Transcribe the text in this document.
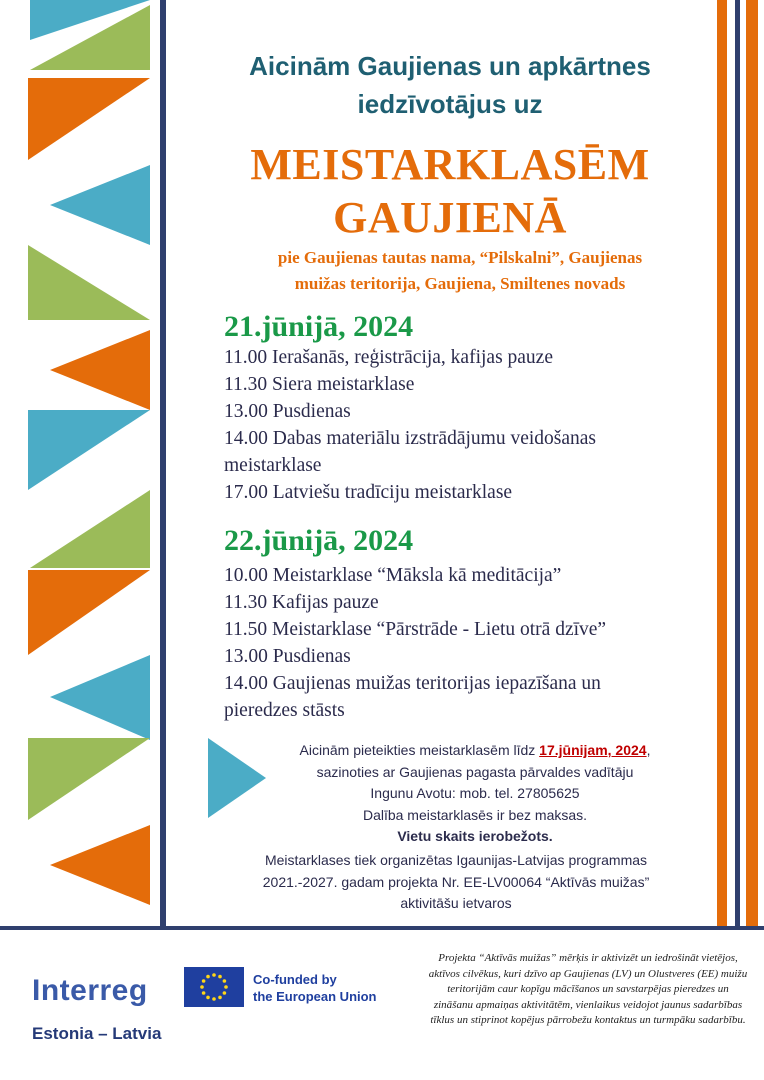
Aicinām Gaujienas un apkārtnes
iedzīvotājus uz
MEISTARKLASĒM
GAUJIENĀ
pie Gaujienas tautas nama, “Pilskalni”, Gaujienas
muižas teritorija, Gaujiena, Smiltenes novads
21.jūnijā, 2024
11.00 Ierašanās, reģistrācija, kafijas pauze
11.30 Siera meistarklase
13.00 Pusdienas
14.00 Dabas materiālu izstrādājumu veidošanas
meistarklase
17.00 Latviešu tradīciju meistarklase
22.jūnijā, 2024
10.00 Meistarklase “Māksla kā meditācija”
11.30 Kafijas pauze
11.50 Meistarklase “Pārstrāde - Lietu otrā dzīve”
13.00 Pusdienas
14.00 Gaujienas muižas teritorijas iepazīšana un
pieredzes stāsts
Aicinām pieteikties meistarklasēm līdz 17.jūnijam, 2024,
sazinoties ar Gaujienas pagasta pārvaldes vadītāju
Ingunu Avotu: mob. tel. 27805625
Dalība meistarklasēs ir bez maksas.
Vietu skaits ierobežots.
Meistarklases tiek organizētas Igaunijas-Latvijas programmas
2021.-2027. gadam projekta Nr. EE-LV00064 “Aktīvās muižas”
aktivitāšu ietvaros
Interreg
Estonia – Latvia
Co-funded by
the European Union
Projekta “Aktīvās muižas” mērķis ir aktivizēt un iedrošināt vietējos, aktīvos cilvēkus, kuri dzīvo ap Gaujienas (LV) un Olustveres (EE) muižu teritorijām caur kopīgu mācīšanos un savstarpējas pieredzes un zināšanu apmaiņas aktivitātēm, vienlaikus veidojot jaunus sadarbības tīklus un stiprinot kopējus pārrobežu kontaktus un turmpāku sadarbību.
